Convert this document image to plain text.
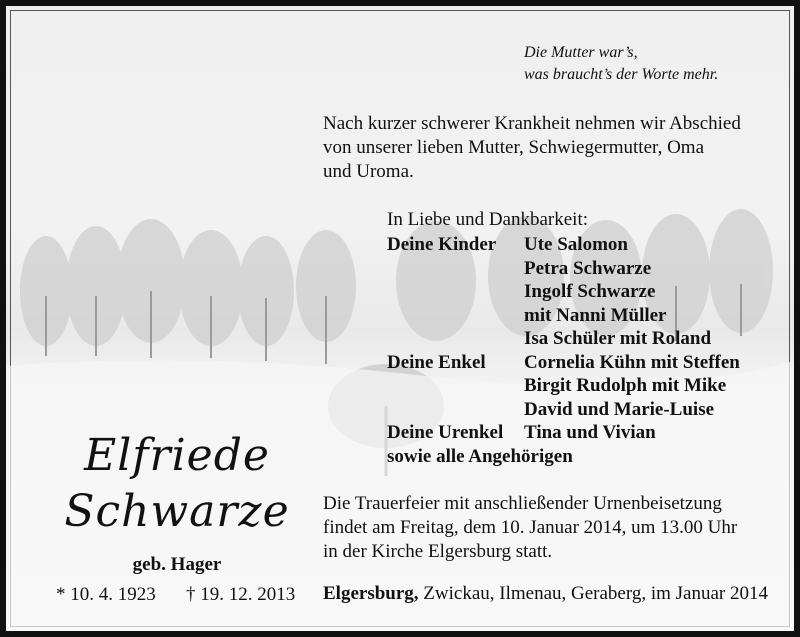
Die Mutter war’s,
was braucht’s der Worte mehr.
Nach kurzer schwerer Krankheit nehmen wir Abschied
von unserer lieben Mutter, Schwiegermutter, Oma
und Uroma.
In Liebe und Dankbarkeit:
Deine Kinder	Ute Salomon
Petra Schwarze
Ingolf Schwarze
mit Nanni Müller
Isa Schüler mit Roland
Deine Enkel	Cornelia Kühn mit Steffen
Birgit Rudolph mit Mike
David und Marie-Luise
Deine Urenkel	Tina und Vivian
sowie alle Angehörigen
Elfriede
Schwarze
geb. Hager
* 10. 4. 1923 † 19. 12. 2013
Die Trauerfeier mit anschließender Urnenbeisetzung
findet am Freitag, dem 10. Januar 2014, um 13.00 Uhr
in der Kirche Elgersburg statt.
Elgersburg, Zwickau, Ilmenau, Geraberg, im Januar 2014
